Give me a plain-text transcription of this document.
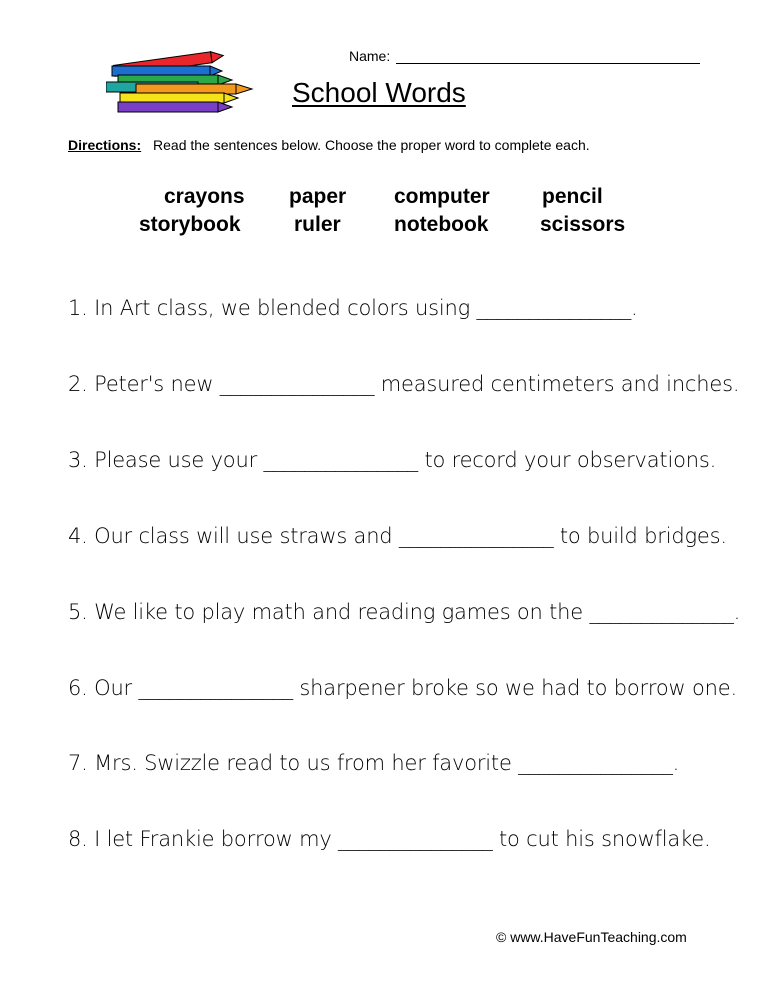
Name:
School Words
Directions: Read the sentences below. Choose the proper word to complete each.
crayons paper computer pencil
storybook	ruler	notebook scissors
1. In Art class, we blended colors using _______________.
2. Peter's new _______________ measured centimeters and inches.
3. Please use your _______________ to record your observations.
4. Our class will use straws and _______________ to build bridges.
5. We like to play math and reading games on the ______________.
6. Our _______________ sharpener broke so we had to borrow one.
7. Mrs. Swizzle read to us from her favorite _______________.
8. I let Frankie borrow my _______________ to cut his snowflake.
© www.HaveFunTeaching.com
